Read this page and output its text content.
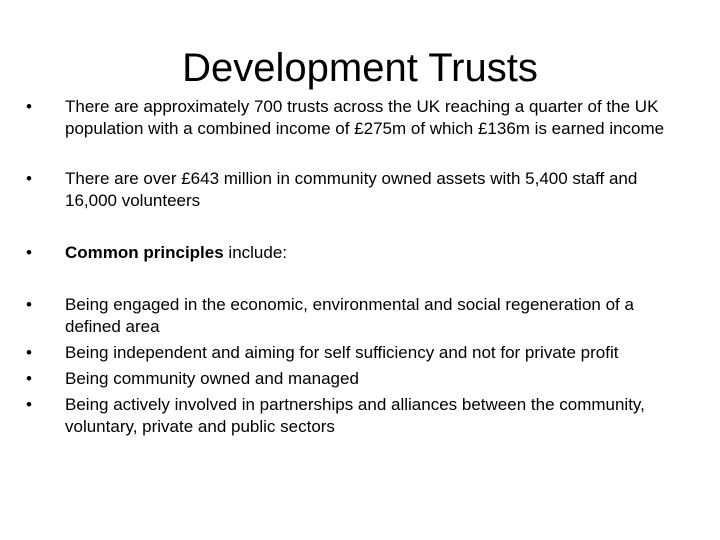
Development Trusts
•	There are approximately 700 trusts across the UK reaching a quarter of the UK population with a combined income of £275m of which £136m is earned income
•	There are over £643 million in community owned assets with 5,400 staff and 16,000 volunteers
•	Common principles include:
•	Being engaged in the economic, environmental and social regeneration of a defined area
•	Being independent and aiming for self sufficiency and not for private profit
•	Being community owned and managed
•	Being actively involved in partnerships and alliances between the community, voluntary, private and public sectors
